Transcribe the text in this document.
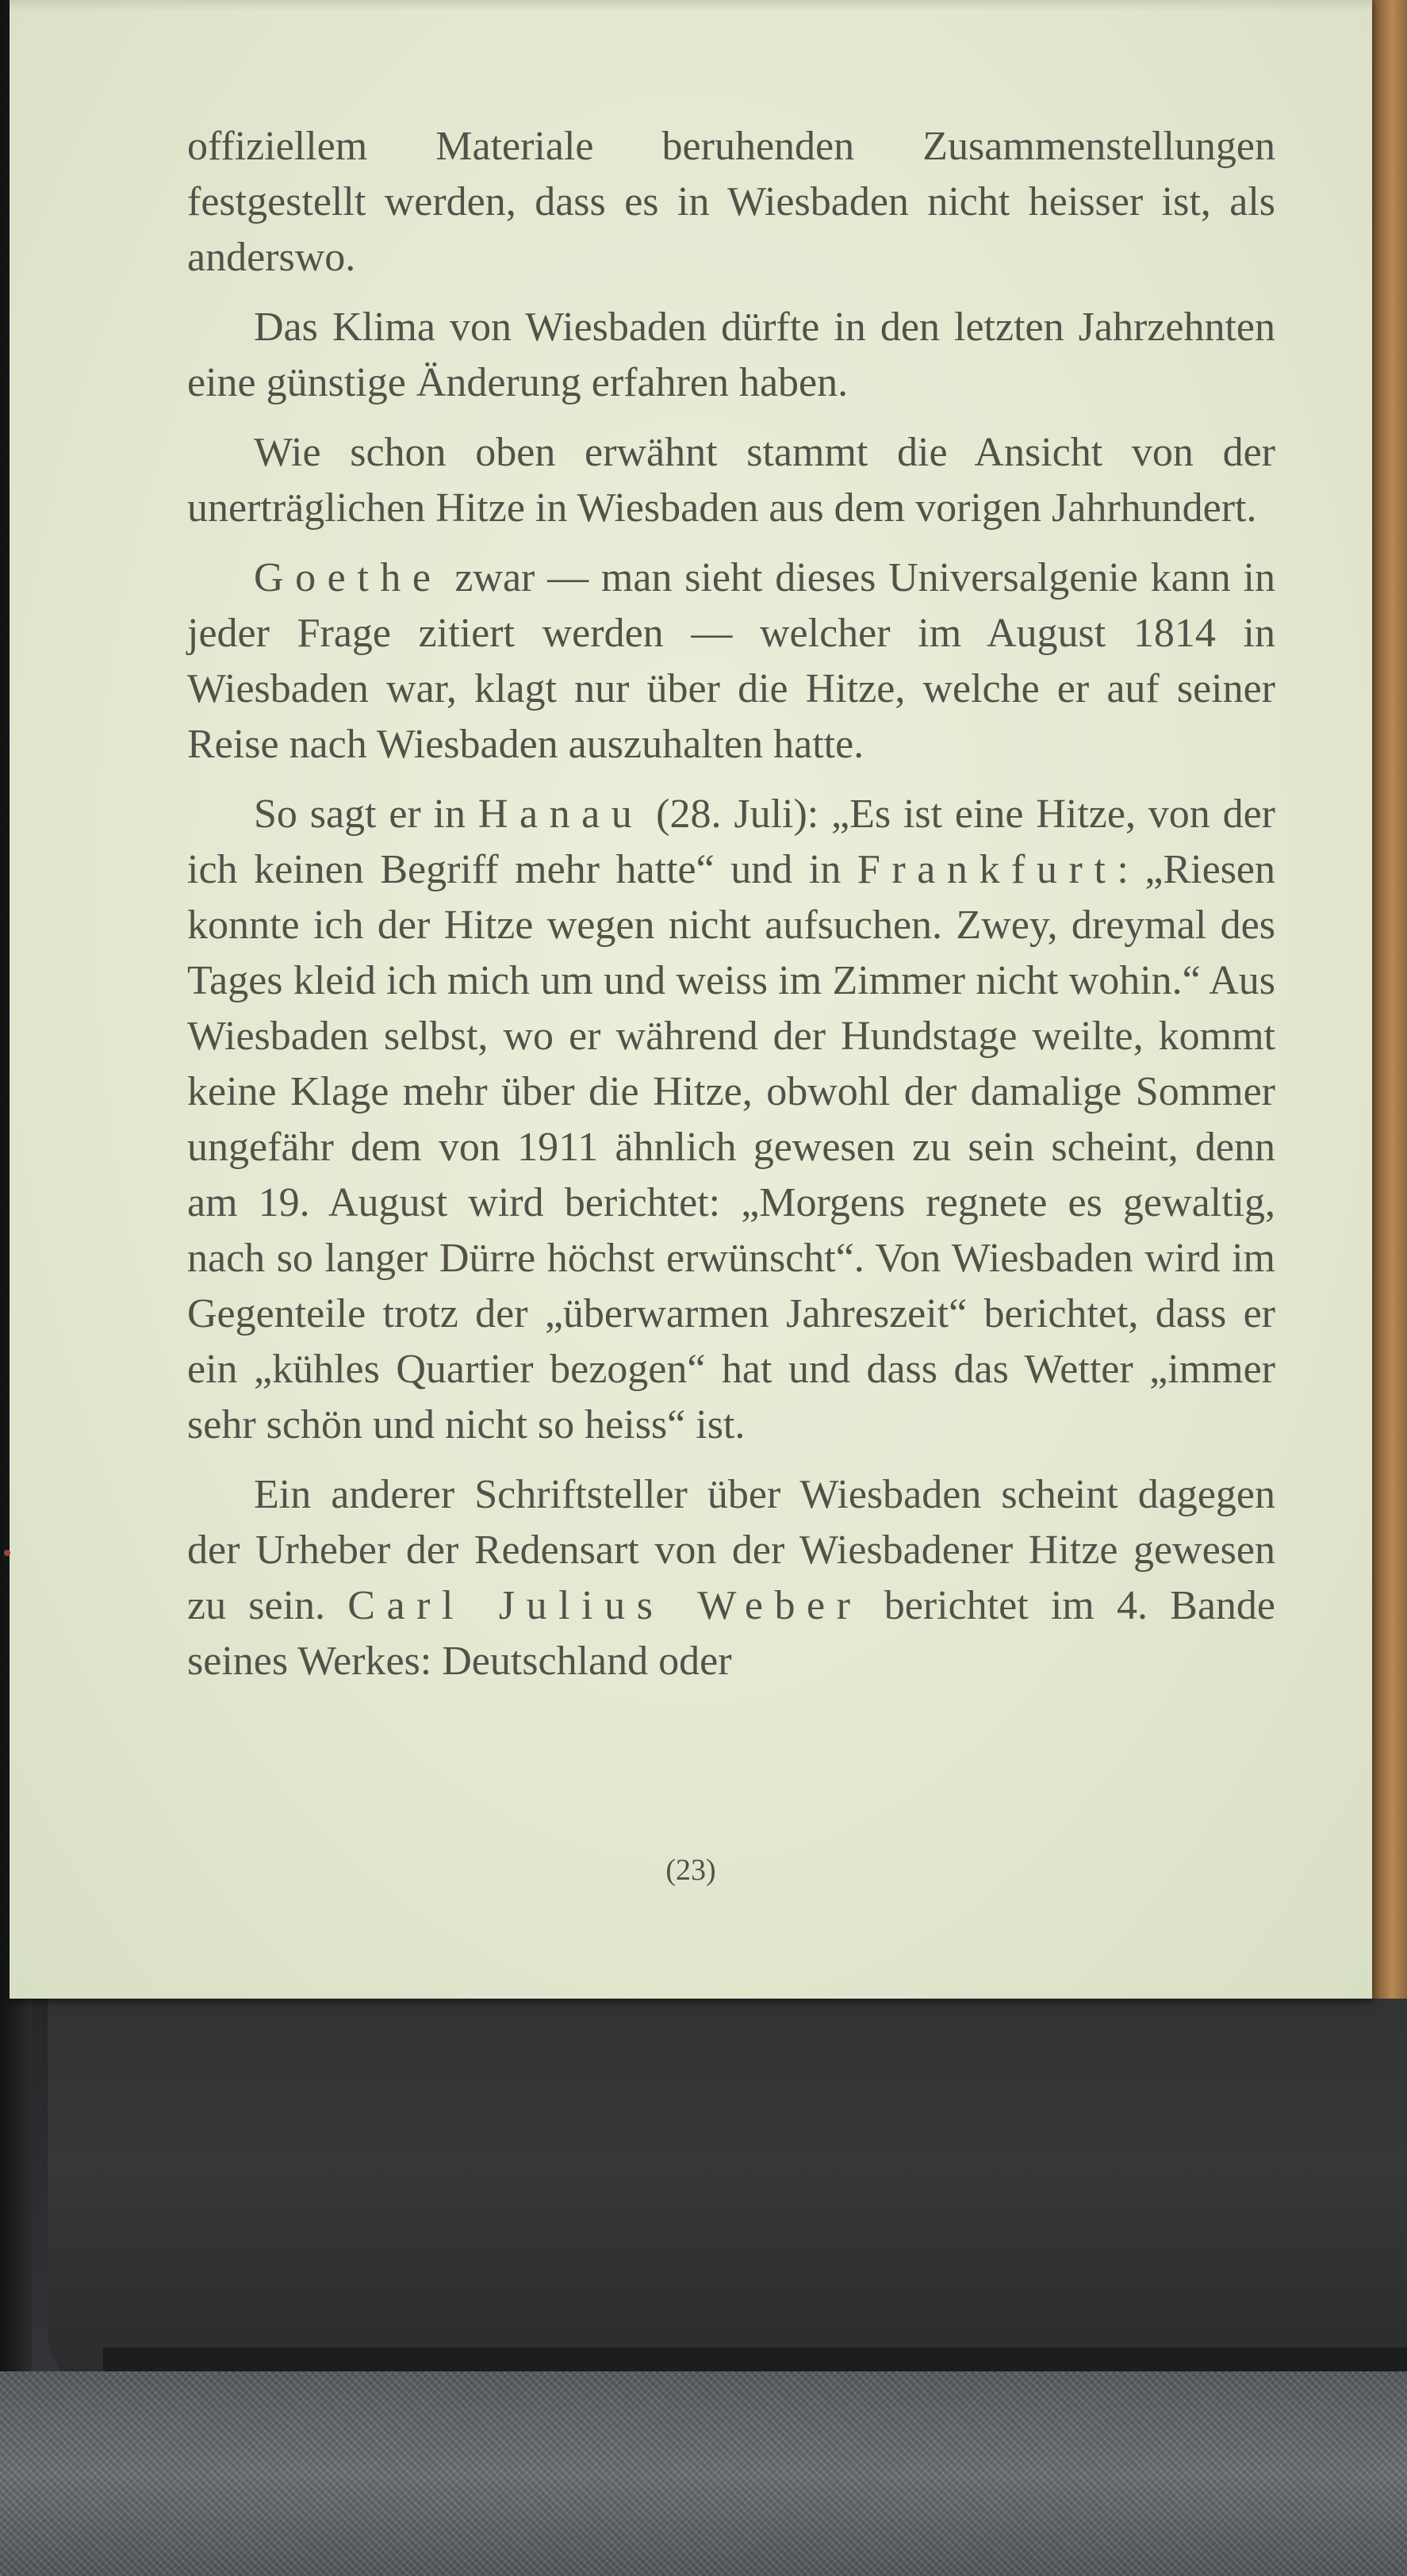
offiziellem Materiale beruhenden Zusammenstellungen festgestellt werden, dass es in Wiesbaden nicht heisser ist, als anderswo.

Das Klima von Wiesbaden dürfte in den letzten Jahrzehnten eine günstige Änderung erfahren haben.

Wie schon oben erwähnt stammt die Ansicht von der unerträglichen Hitze in Wiesbaden aus dem vorigen Jahrhundert.

Goethe zwar — man sieht dieses Universalgenie kann in jeder Frage zitiert werden — welcher im August 1814 in Wiesbaden war, klagt nur über die Hitze, welche er auf seiner Reise nach Wiesbaden auszuhalten hatte.

So sagt er in Hanau (28. Juli): „Es ist eine Hitze, von der ich keinen Begriff mehr hatte“ und in Frankfurt: „Riesen konnte ich der Hitze wegen nicht aufsuchen. Zwey, dreymal des Tages kleid ich mich um und weiss im Zimmer nicht wohin.“ Aus Wiesbaden selbst, wo er während der Hundstage weilte, kommt keine Klage mehr über die Hitze, obwohl der damalige Sommer ungefähr dem von 1911 ähnlich gewesen zu sein scheint, denn am 19. August wird berichtet: „Morgens regnete es gewaltig, nach so langer Dürre höchst erwünscht“. Von Wiesbaden wird im Gegenteile trotz der „überwarmen Jahreszeit“ berichtet, dass er ein „kühles Quartier bezogen“ hat und dass das Wetter „immer sehr schön und nicht so heiss“ ist.

Ein anderer Schriftsteller über Wiesbaden scheint dagegen der Urheber der Redensart von der Wiesbadener Hitze gewesen zu sein. Carl Julius Weber berichtet im 4. Bande seines Werkes: Deutschland oder

(23)
